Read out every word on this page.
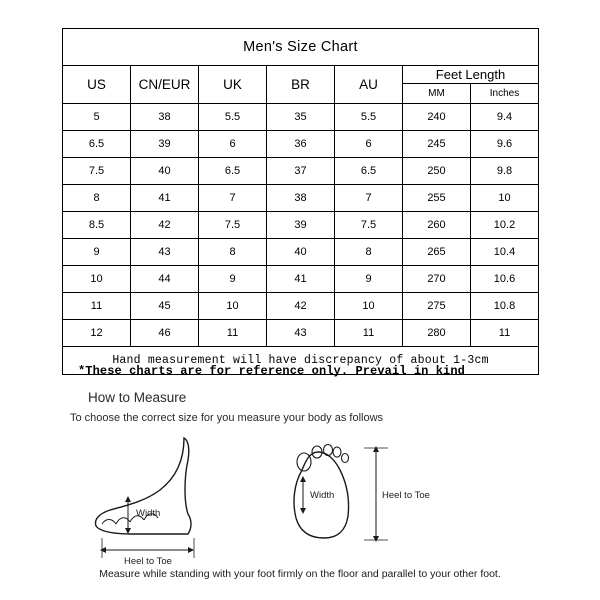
Men's Size Chart						
US	CN/EUR	UK	BR	AU	Feet Length	
					MM	Inches
5	38	5.5	35	5.5	240	9.4
6.5	39	6	36	6	245	9.6
7.5	40	6.5	37	6.5	250	9.8
8	41	7	38	7	255	10
8.5	42	7.5	39	7.5	260	10.2
9	43	8	40	8	265	10.4
10	44	9	41	9	270	10.6
11	45	10	42	10	275	10.8
12	46	11	43	11	280	11
Hand measurement will have discrepancy of about 1-3cm						
*These charts are for reference only. Prevail in kind
How to Measure
To choose the correct size for you measure your body as follows
Width
Heel to Toe
Width	Heel to Toe
Measure while standing with your foot firmly on the floor and parallel to your other foot.
